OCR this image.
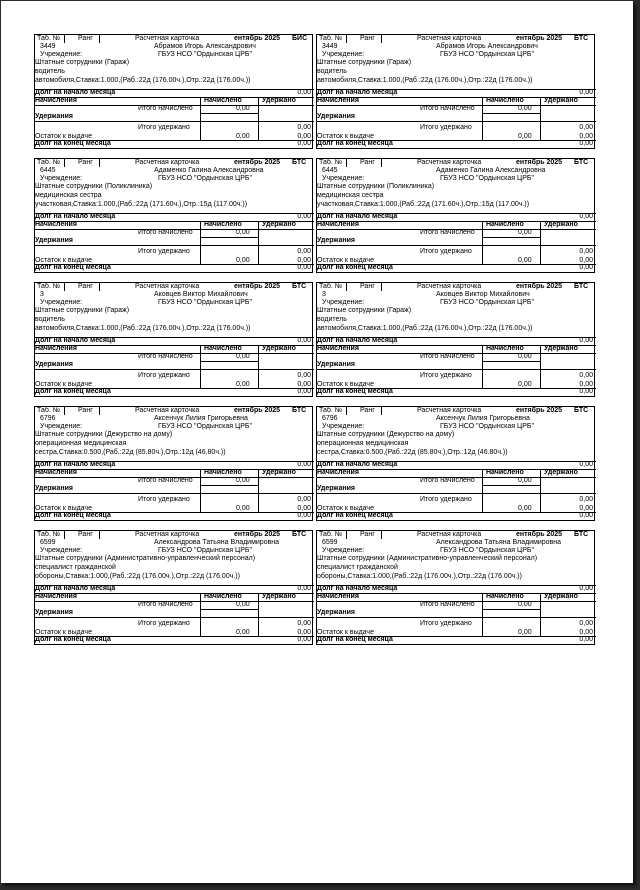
Таб. №	Ранг	Расчетная карточка	ентябрь 2025 БИС
3449	Абрамов Игорь Александрович
Учреждение:	ГБУЗ НСО "Ордынская ЦРБ"
Штатные сотрудники (Гараж)
водитель
автомобиля,Ставка:1.000,(Раб.:22д (176.00ч.),Отр.:22д (176.00ч.))
Долг на начало месяца	0,00
Начисления	Начислено	Удержано
Итого начислено	0,00
Удержания
Итого удержано	0,00
Остаток к выдаче	0,00	0,00
Долг на конец месяца	0,00
Таб. №	Ранг	Расчетная карточка	ентябрь 2025 БТС
3449	Абрамов Игорь Александрович
Учреждение:	ГБУЗ НСО "Ордынская ЦРБ"
Штатные сотрудники (Гараж)
водитель
автомобиля,Ставка:1.000,(Раб.:22д (176.00ч.),Отр.:22д (176.00ч.))
Долг на начало месяца	0,00
Начисления	Начислено	Удержано
Итого начислено	0,00
Удержания
Итого удержано	0,00
Остаток к выдаче	0,00	0,00
Долг на конец месяца	0,00
Таб. №	Ранг	Расчетная карточка	ентябрь 2025 БТС
6445	Адаменко Галина Александровна
Учреждение:	ГБУЗ НСО "Ордынская ЦРБ"
Штатные сотрудники (Поликлиника)
медицинская сестра
участковая,Ставка:1.000,(Раб.:22д (171.60ч.),Отр.:15д (117.00ч.))
Долг на начало месяца	0,00
Начисления	Начислено	Удержано
Итого начислено	0,00
Удержания
Итого удержано	0,00
Остаток к выдаче	0,00	0,00
Долг на конец месяца	0,00
Таб. №	Ранг	Расчетная карточка	ентябрь 2025 БТС
6445	Адаменко Галина Александровна
Учреждение:	ГБУЗ НСО "Ордынская ЦРБ"
Штатные сотрудники (Поликлиника)
медицинская сестра
участковая,Ставка:1.000,(Раб.:22д (171.60ч.),Отр.:15д (117.00ч.))
Долг на начало месяца	0,00
Начисления	Начислено	Удержано
Итого начислено	0,00
Удержания
Итого удержано	0,00
Остаток к выдаче	0,00	0,00
Долг на конец месяца	0,00
Таб. №	Ранг	Расчетная карточка	ентябрь 2025 БТС
3	Аковцев Виктор Михайлович
Учреждение:	ГБУЗ НСО "Ордынская ЦРБ"
Штатные сотрудники (Гараж)
водитель
автомобиля,Ставка:1.000,(Раб.:22д (176.00ч.),Отр.:22д (176.00ч.))
Долг на начало месяца	0,00
Начисления	Начислено	Удержано
Итого начислено	0,00
Удержания
Итого удержано	0,00
Остаток к выдаче	0,00	0,00
Долг на конец месяца	0,00
Таб. №	Ранг	Расчетная карточка	ентябрь 2025 БТС
3	Аковцев Виктор Михайлович
Учреждение:	ГБУЗ НСО "Ордынская ЦРБ"
Штатные сотрудники (Гараж)
водитель
автомобиля,Ставка:1.000,(Раб.:22д (176.00ч.),Отр.:22д (176.00ч.))
Долг на начало месяца	0,00
Начисления	Начислено	Удержано
Итого начислено	0,00
Удержания
Итого удержано	0,00
Остаток к выдаче	0,00	0,00
Долг на конец месяца	0,00
Таб. №	Ранг	Расчетная карточка	ентябрь 2025 БТС
6796	Аксенчук Лилия Григорьевна
Учреждение:	ГБУЗ НСО "Ордынская ЦРБ"
Штатные сотрудники (Дежурство на дому)
операционная медицинская
сестра,Ставка:0.500,(Раб.:22д (85.80ч.),Отр.:12д (46.80ч.))
Долг на начало месяца	0,00
Начисления	Начислено	Удержано
Итого начислено	0,00
Удержания
Итого удержано	0,00
Остаток к выдаче	0,00	0,00
Долг на конец месяца	0,00
Таб. №	Ранг	Расчетная карточка	ентябрь 2025 БТС
6796	Аксенчук Лилия Григорьевна
Учреждение:	ГБУЗ НСО "Ордынская ЦРБ"
Штатные сотрудники (Дежурство на дому)
операционная медицинская
сестра,Ставка:0.500,(Раб.:22д (85.80ч.),Отр.:12д (46.80ч.))
Долг на начало месяца	0,00
Начисления	Начислено	Удержано
Итого начислено	0,00
Удержания
Итого удержано	0,00
Остаток к выдаче	0,00	0,00
Долг на конец месяца	0,00
Таб. №	Ранг	Расчетная карточка	ентябрь 2025 БТС
6599	Александрова Татьяна Владимировна
Учреждение:	ГБУЗ НСО "Ордынская ЦРБ"
Штатные сотрудники (Административно-управленческий персонал)
специалист гражданской
обороны,Ставка:1.000,(Раб.:22д (176.00ч.),Отр.:22д (176.00ч.))
Долг на начало месяца	0,00
Начисления	Начислено	Удержано
Итого начислено	0,00
Удержания
Итого удержано	0,00
Остаток к выдаче	0,00	0,00
Долг на конец месяца	0,00
Таб. №	Ранг	Расчетная карточка	ентябрь 2025 БТС
6599	Александрова Татьяна Владимировна
Учреждение:	ГБУЗ НСО "Ордынская ЦРБ"
Штатные сотрудники (Административно-управленческий персонал)
специалист гражданской
обороны,Ставка:1.000,(Раб.:22д (176.00ч.),Отр.:22д (176.00ч.))
Долг на начало месяца	0,00
Начисления	Начислено	Удержано
Итого начислено	0,00
Удержания
Итого удержано	0,00
Остаток к выдаче	0,00	0,00
Долг на конец месяца	0,00
